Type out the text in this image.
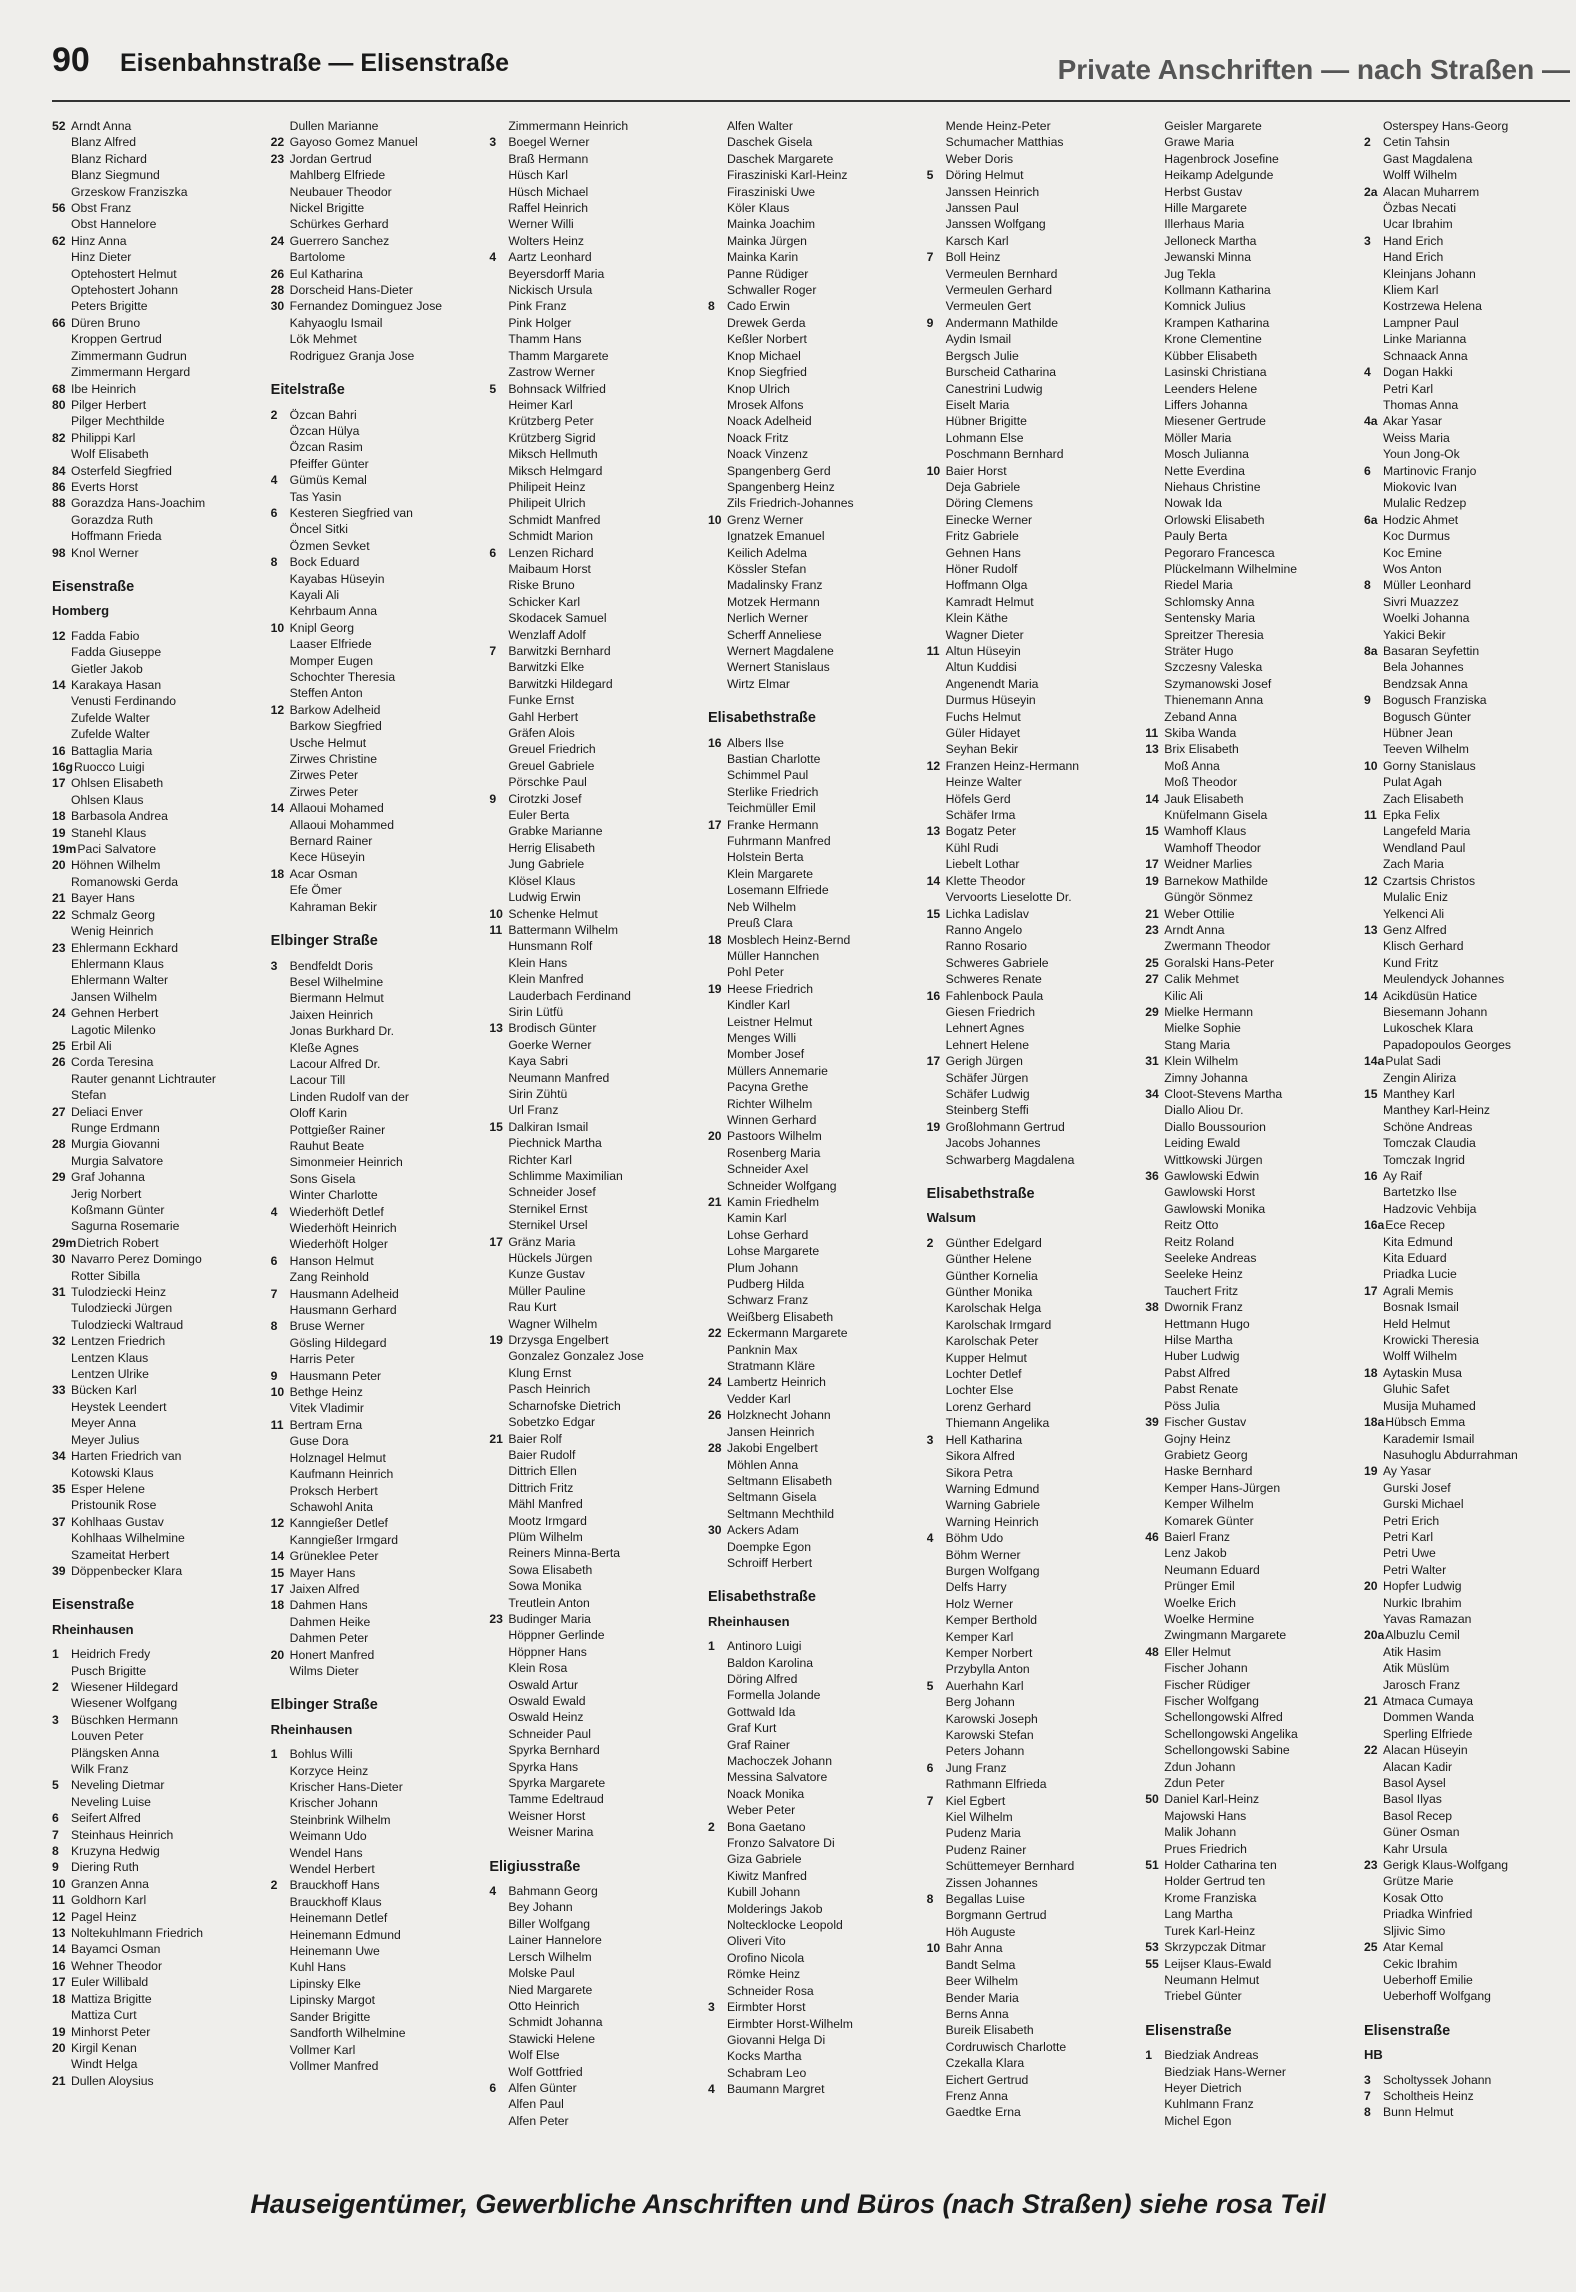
90 Eisenbahnstraße — Elisenstraße	Private Anschriften — nach Straßen —
52 Arndt Anna
Blanz Alfred
Blanz Richard
Blanz Siegmund
Grzeskow Franziszka
56 Obst Franz
Obst Hannelore
62 Hinz Anna
Hinz Dieter
Optehostert Helmut
Optehostert Johann
Peters Brigitte
66 Düren Bruno
Kroppen Gertrud
Zimmermann Gudrun
Zimmermann Hergard
68 Ibe Heinrich
80 Pilger Herbert
Pilger Mechthilde
82 Philippi Karl
Wolf Elisabeth
84 Osterfeld Siegfried
86 Everts Horst
88 Gorazdza Hans-Joachim
Gorazdza Ruth
Hoffmann Frieda
98 Knol Werner
Eisenstraße
Homberg
12 Fadda Fabio
Fadda Giuseppe
Gietler Jakob
14 Karakaya Hasan
Venusti Ferdinando
Zufelde Walter
Zufelde Walter
16 Battaglia Maria
16g Ruocco Luigi
17 Ohlsen Elisabeth
Ohlsen Klaus
18 Barbasola Andrea
19 Stanehl Klaus
19m Paci Salvatore
20 Höhnen Wilhelm
Romanowski Gerda
21 Bayer Hans
22 Schmalz Georg
Wenig Heinrich
23 Ehlermann Eckhard
Ehlermann Klaus
Ehlermann Walter
Jansen Wilhelm
24 Gehnen Herbert
Lagotic Milenko
25 Erbil Ali
26 Corda Teresina
Rauter genannt Lichtrauter
Stefan
27 Deliaci Enver
Runge Erdmann
28 Murgia Giovanni
Murgia Salvatore
29 Graf Johanna
Jerig Norbert
Koßmann Günter
Sagurna Rosemarie
29m Dietrich Robert
30 Navarro Perez Domingo
Rotter Sibilla
31 Tulodziecki Heinz
Tulodziecki Jürgen
Tulodziecki Waltraud
32 Lentzen Friedrich
Lentzen Klaus
Lentzen Ulrike
33 Bücken Karl
Heystek Leendert
Meyer Anna
Meyer Julius
34 Harten Friedrich van
Kotowski Klaus
35 Esper Helene
Pristounik Rose
37 Kohlhaas Gustav
Kohlhaas Wilhelmine
Szameitat Herbert
39 Döppenbecker Klara
Eisenstraße
Rheinhausen
1	Heidrich Fredy
Pusch Brigitte
2	Wiesener Hildegard
Wiesener Wolfgang
3	Büschken Hermann
Louven Peter
Plängsken Anna
Wilk Franz
5	Neveling Dietmar
Neveling Luise
6	Seifert Alfred
7	Steinhaus Heinrich
8	Kruzyna Hedwig
9	Diering Ruth
10 Granzen Anna
11 Goldhorn Karl
12 Pagel Heinz
13 Noltekuhlmann Friedrich
14 Bayamci Osman
16 Wehner Theodor
17 Euler Willibald
18 Mattiza Brigitte
Mattiza Curt
19 Minhorst Peter
20 Kirgil Kenan
Windt Helga
21 Dullen Aloysius
Dullen Marianne
22 Gayoso Gomez Manuel
23 Jordan Gertrud
Mahlberg Elfriede
Neubauer Theodor
Nickel Brigitte
Schürkes Gerhard
24 Guerrero Sanchez
Bartolome
26 Eul Katharina
28 Dorscheid Hans-Dieter
30 Fernandez Dominguez Jose
Kahyaoglu Ismail
Lök Mehmet
Rodriguez Granja Jose
Eitelstraße
2	Özcan Bahri
Özcan Hülya
Özcan Rasim
Pfeiffer Günter
4	Gümüs Kemal
Tas Yasin
6	Kesteren Siegfried van
Öncel Sitki
Özmen Sevket
8	Bock Eduard
Kayabas Hüseyin
Kayali Ali
Kehrbaum Anna
10 Knipl Georg
Laaser Elfriede
Momper Eugen
Schochter Theresia
Steffen Anton
12 Barkow Adelheid
Barkow Siegfried
Usche Helmut
Zirwes Christine
Zirwes Peter
Zirwes Peter
14 Allaoui Mohamed
Allaoui Mohammed
Bernard Rainer
Kece Hüseyin
18 Acar Osman
Efe Ömer
Kahraman Bekir
Elbinger Straße
3	Bendfeldt Doris
Besel Wilhelmine
Biermann Helmut
Jaixen Heinrich
Jonas Burkhard Dr.
Kleße Agnes
Lacour Alfred Dr.
Lacour Till
Linden Rudolf van der
Oloff Karin
Pottgießer Rainer
Rauhut Beate
Simonmeier Heinrich
Sons Gisela
Winter Charlotte
4	Wiederhöft Detlef
Wiederhöft Heinrich
Wiederhöft Holger
6	Hanson Helmut
Zang Reinhold
7	Hausmann Adelheid
Hausmann Gerhard
8	Bruse Werner
Gösling Hildegard
Harris Peter
9	Hausmann Peter
10 Bethge Heinz
Vitek Vladimir
11 Bertram Erna
Guse Dora
Holznagel Helmut
Kaufmann Heinrich
Proksch Herbert
Schawohl Anita
12 Kanngießer Detlef
Kanngießer Irmgard
14 Grüneklee Peter
15 Mayer Hans
17 Jaixen Alfred
18 Dahmen Hans
Dahmen Heike
Dahmen Peter
20 Honert Manfred
Wilms Dieter
Elbinger Straße
Rheinhausen
1	Bohlus Willi
Korzyce Heinz
Krischer Hans-Dieter
Krischer Johann
Steinbrink Wilhelm
Weimann Udo
Wendel Hans
Wendel Herbert
2	Brauckhoff Hans
Brauckhoff Klaus
Heinemann Detlef
Heinemann Edmund
Heinemann Uwe
Kuhl Hans
Lipinsky Elke
Lipinsky Margot
Sander Brigitte
Sandforth Wilhelmine
Vollmer Karl
Vollmer Manfred
Zimmermann Heinrich
3	Boegel Werner
Braß Hermann
Hüsch Karl
Hüsch Michael
Raffel Heinrich
Werner Willi
Wolters Heinz
4	Aartz Leonhard
Beyersdorff Maria
Nickisch Ursula
Pink Franz
Pink Holger
Thamm Hans
Thamm Margarete
Zastrow Werner
5	Bohnsack Wilfried
Heimer Karl
Krützberg Peter
Krützberg Sigrid
Miksch Hellmuth
Miksch Helmgard
Philipeit Heinz
Philipeit Ulrich
Schmidt Manfred
Schmidt Marion
6	Lenzen Richard
Maibaum Horst
Riske Bruno
Schicker Karl
Skodacek Samuel
Wenzlaff Adolf
7	Barwitzki Bernhard
Barwitzki Elke
Barwitzki Hildegard
Funke Ernst
Gahl Herbert
Gräfen Alois
Greuel Friedrich
Greuel Gabriele
Pörschke Paul
9	Cirotzki Josef
Euler Berta
Grabke Marianne
Herrig Elisabeth
Jung Gabriele
Klösel Klaus
Ludwig Erwin
10 Schenke Helmut
11 Battermann Wilhelm
Hunsmann Rolf
Klein Hans
Klein Manfred
Lauderbach Ferdinand
Sirin Lütfü
13 Brodisch Günter
Goerke Werner
Kaya Sabri
Neumann Manfred
Sirin Zühtü
Url Franz
15 Dalkiran Ismail
Piechnick Martha
Richter Karl
Schlimme Maximilian
Schneider Josef
Sternikel Ernst
Sternikel Ursel
17 Gränz Maria
Hückels Jürgen
Kunze Gustav
Müller Pauline
Rau Kurt
Wagner Wilhelm
19 Drzysga Engelbert
Gonzalez Gonzalez Jose
Klung Ernst
Pasch Heinrich
Scharnofske Dietrich
Sobetzko Edgar
21 Baier Rolf
Baier Rudolf
Dittrich Ellen
Dittrich Fritz
Mähl Manfred
Mootz Irmgard
Plüm Wilhelm
Reiners Minna-Berta
Sowa Elisabeth
Sowa Monika
Treutlein Anton
23 Budinger Maria
Höppner Gerlinde
Höppner Hans
Klein Rosa
Oswald Artur
Oswald Ewald
Oswald Heinz
Schneider Paul
Spyrka Bernhard
Spyrka Hans
Spyrka Margarete
Tamme Edeltraud
Weisner Horst
Weisner Marina
Eligiusstraße
4	Bahmann Georg
Bey Johann
Biller Wolfgang
Lainer Hannelore
Lersch Wilhelm
Molske Paul
Nied Margarete
Otto Heinrich
Schmidt Johanna
Stawicki Helene
Wolf Else
Wolf Gottfried
6	Alfen Günter
Alfen Paul
Alfen Peter
Alfen Walter
Daschek Gisela
Daschek Margarete
Firasziniski Karl-Heinz
Firasziniski Uwe
Köler Klaus
Mainka Joachim
Mainka Jürgen
Mainka Karin
Panne Rüdiger
Schwaller Roger
8	Cado Erwin
Drewek Gerda
Keßler Norbert
Knop Michael
Knop Siegfried
Knop Ulrich
Mrosek Alfons
Noack Adelheid
Noack Fritz
Noack Vinzenz
Spangenberg Gerd
Spangenberg Heinz
Zils Friedrich-Johannes
10 Grenz Werner
Ignatzek Emanuel
Keilich Adelma
Kössler Stefan
Madalinsky Franz
Motzek Hermann
Nerlich Werner
Scherff Anneliese
Wernert Magdalene
Wernert Stanislaus
Wirtz Elmar
Elisabethstraße
16 Albers Ilse
Bastian Charlotte
Schimmel Paul
Sterlike Friedrich
Teichmüller Emil
17 Franke Hermann
Fuhrmann Manfred
Holstein Berta
Klein Margarete
Losemann Elfriede
Neb Wilhelm
Preuß Clara
18 Mosblech Heinz-Bernd
Müller Hannchen
Pohl Peter
19 Heese Friedrich
Kindler Karl
Leistner Helmut
Menges Willi
Momber Josef
Müllers Annemarie
Pacyna Grethe
Richter Wilhelm
Winnen Gerhard
20 Pastoors Wilhelm
Rosenberg Maria
Schneider Axel
Schneider Wolfgang
21 Kamin Friedhelm
Kamin Karl
Lohse Gerhard
Lohse Margarete
Plum Johann
Pudberg Hilda
Schwarz Franz
Weißberg Elisabeth
22 Eckermann Margarete
Panknin Max
Stratmann Kläre
24 Lambertz Heinrich
Vedder Karl
26 Holzknecht Johann
Jansen Heinrich
28 Jakobi Engelbert
Möhlen Anna
Seltmann Elisabeth
Seltmann Gisela
Seltmann Mechthild
30 Ackers Adam
Doempke Egon
Schroiff Herbert
Elisabethstraße
Rheinhausen
1	Antinoro Luigi
Baldon Karolina
Döring Alfred
Formella Jolande
Gottwald Ida
Graf Kurt
Graf Rainer
Machoczek Johann
Messina Salvatore
Noack Monika
Weber Peter
2	Bona Gaetano
Fronzo Salvatore Di
Giza Gabriele
Kiwitz Manfred
Kubill Johann
Molderings Jakob
Noltecklocke Leopold
Oliveri Vito
Orofino Nicola
Römke Heinz
Schneider Rosa
3	Eirmbter Horst
Eirmbter Horst-Wilhelm
Giovanni Helga Di
Kocks Martha
Schabram Leo
4	Baumann Margret
Mende Heinz-Peter
Schumacher Matthias
Weber Doris
5	Döring Helmut
Janssen Heinrich
Janssen Paul
Janssen Wolfgang
Karsch Karl
7	Boll Heinz
Vermeulen Bernhard
Vermeulen Gerhard
Vermeulen Gert
9	Andermann Mathilde
Aydin Ismail
Bergsch Julie
Burscheid Catharina
Canestrini Ludwig
Eiselt Maria
Hübner Brigitte
Lohmann Else
Poschmann Bernhard
10 Baier Horst
Deja Gabriele
Döring Clemens
Einecke Werner
Fritz Gabriele
Gehnen Hans
Höner Rudolf
Hoffmann Olga
Kamradt Helmut
Klein Käthe
Wagner Dieter
11 Altun Hüseyin
Altun Kuddisi
Angenendt Maria
Durmus Hüseyin
Fuchs Helmut
Güler Hidayet
Seyhan Bekir
12 Franzen Heinz-Hermann
Heinze Walter
Höfels Gerd
Schäfer Irma
13 Bogatz Peter
Kühl Rudi
Liebelt Lothar
14 Klette Theodor
Vervoorts Lieselotte Dr.
15 Lichka Ladislav
Ranno Angelo
Ranno Rosario
Schweres Gabriele
Schweres Renate
16 Fahlenbock Paula
Giesen Friedrich
Lehnert Agnes
Lehnert Helene
17 Gerigh Jürgen
Schäfer Jürgen
Schäfer Ludwig
Steinberg Steffi
19 Großlohmann Gertrud
Jacobs Johannes
Schwarberg Magdalena
Elisabethstraße
Walsum
2	Günther Edelgard
Günther Helene
Günther Kornelia
Günther Monika
Karolschak Helga
Karolschak Irmgard
Karolschak Peter
Kupper Helmut
Lochter Detlef
Lochter Else
Lorenz Gerhard
Thiemann Angelika
3	Hell Katharina
Sikora Alfred
Sikora Petra
Warning Edmund
Warning Gabriele
Warning Heinrich
4	Böhm Udo
Böhm Werner
Burgen Wolfgang
Delfs Harry
Holz Werner
Kemper Berthold
Kemper Karl
Kemper Norbert
Przybylla Anton
5	Auerhahn Karl
Berg Johann
Karowski Joseph
Karowski Stefan
Peters Johann
6	Jung Franz
Rathmann Elfrieda
7	Kiel Egbert
Kiel Wilhelm
Pudenz Maria
Pudenz Rainer
Schüttemeyer Bernhard
Zissen Johannes
8	Begallas Luise
Borgmann Gertrud
Höh Auguste
10 Bahr Anna
Bandt Selma
Beer Wilhelm
Bender Maria
Berns Anna
Bureik Elisabeth
Cordruwisch Charlotte
Czekalla Klara
Eichert Gertrud
Frenz Anna
Gaedtke Erna
Geisler Margarete
Grawe Maria
Hagenbrock Josefine
Heikamp Adelgunde
Herbst Gustav
Hille Margarete
Illerhaus Maria
Jelloneck Martha
Jewanski Minna
Jug Tekla
Kollmann Katharina
Komnick Julius
Krampen Katharina
Krone Clementine
Kübber Elisabeth
Lasinski Christiana
Leenders Helene
Liffers Johanna
Miesener Gertrude
Möller Maria
Mosch Julianna
Nette Everdina
Niehaus Christine
Nowak Ida
Orlowski Elisabeth
Pauly Berta
Pegoraro Francesca
Plückelmann Wilhelmine
Riedel Maria
Schlomsky Anna
Sentensky Maria
Spreitzer Theresia
Sträter Hugo
Szczesny Valeska
Szymanowski Josef
Thienemann Anna
Zeband Anna
11 Skiba Wanda
13 Brix Elisabeth
Moß Anna
Moß Theodor
14 Jauk Elisabeth
Knüfelmann Gisela
15 Wamhoff Klaus
Wamhoff Theodor
17 Weidner Marlies
19 Barnekow Mathilde
Güngör Sönmez
21 Weber Ottilie
23 Arndt Anna
Zwermann Theodor
25 Goralski Hans-Peter
27 Calik Mehmet
Kilic Ali
29 Mielke Hermann
Mielke Sophie
Stang Maria
31 Klein Wilhelm
Zimny Johanna
34 Cloot-Stevens Martha
Diallo Aliou Dr.
Diallo Boussourion
Leiding Ewald
Wittkowski Jürgen
36 Gawlowski Edwin
Gawlowski Horst
Gawlowski Monika
Reitz Otto
Reitz Roland
Seeleke Andreas
Seeleke Heinz
Tauchert Fritz
38 Dwornik Franz
Hettmann Hugo
Hilse Martha
Huber Ludwig
Pabst Alfred
Pabst Renate
Pöss Julia
39 Fischer Gustav
Gojny Heinz
Grabietz Georg
Haske Bernhard
Kemper Hans-Jürgen
Kemper Wilhelm
Komarek Günter
46 Baierl Franz
Lenz Jakob
Neumann Eduard
Prünger Emil
Woelke Erich
Woelke Hermine
Zwingmann Margarete
48 Eller Helmut
Fischer Johann
Fischer Rüdiger
Fischer Wolfgang
Schellongowski Alfred
Schellongowski Angelika
Schellongowski Sabine
Zdun Johann
Zdun Peter
50 Daniel Karl-Heinz
Majowski Hans
Malik Johann
Prues Friedrich
51 Holder Catharina ten
Holder Gertrud ten
Krome Franziska
Lang Martha
Turek Karl-Heinz
53 Skrzypczak Ditmar
55 Leijser Klaus-Ewald
Neumann Helmut
Triebel Günter
Elisenstraße
1	Biedziak Andreas
Biedziak Hans-Werner
Heyer Dietrich
Kuhlmann Franz
Michel Egon
Osterspey Hans-Georg
2	Cetin Tahsin
Gast Magdalena
Wolff Wilhelm
2a Alacan Muharrem
Özbas Necati
Ucar Ibrahim
3	Hand Erich
Hand Erich
Kleinjans Johann
Kliem Karl
Kostrzewa Helena
Lampner Paul
Linke Marianna
Schnaack Anna
4	Dogan Hakki
Petri Karl
Thomas Anna
4a Akar Yasar
Weiss Maria
Youn Jong-Ok
6	Martinovic Franjo
Miokovic Ivan
Mulalic Redzep
6a Hodzic Ahmet
Koc Durmus
Koc Emine
Wos Anton
8	Müller Leonhard
Sivri Muazzez
Woelki Johanna
Yakici Bekir
8a Basaran Seyfettin
Bela Johannes
Bendzsak Anna
9	Bogusch Franziska
Bogusch Günter
Hübner Jean
Teeven Wilhelm
10 Gorny Stanislaus
Pulat Agah
Zach Elisabeth
11 Epka Felix
Langefeld Maria
Wendland Paul
Zach Maria
12 Czartsis Christos
Mulalic Eniz
Yelkenci Ali
13 Genz Alfred
Klisch Gerhard
Kund Fritz
Meulendyck Johannes
14 Acikdüsün Hatice
Biesemann Johann
Lukoschek Klara
Papadopoulos Georges
14a Pulat Sadi
Zengin Aliriza
15 Manthey Karl
Manthey Karl-Heinz
Schöne Andreas
Tomczak Claudia
Tomczak Ingrid
16 Ay Raif
Bartetzko Ilse
Hadzovic Vehbija
16a Ece Recep
Kita Edmund
Kita Eduard
Priadka Lucie
17 Agrali Memis
Bosnak Ismail
Held Helmut
Krowicki Theresia
Wolff Wilhelm
18 Aytaskin Musa
Gluhic Safet
Musija Muhamed
18a Hübsch Emma
Karademir Ismail
Nasuhoglu Abdurrahman
19 Ay Yasar
Gurski Josef
Gurski Michael
Petri Erich
Petri Karl
Petri Uwe
Petri Walter
20 Hopfer Ludwig
Nurkic Ibrahim
Yavas Ramazan
20a Albuzlu Cemil
Atik Hasim
Atik Müslüm
Jarosch Franz
21 Atmaca Cumaya
Dommen Wanda
Sperling Elfriede
22 Alacan Hüseyin
Alacan Kadir
Basol Aysel
Basol Ilyas
Basol Recep
Güner Osman
Kahr Ursula
23 Gerigk Klaus-Wolfgang
Grütze Marie
Kosak Otto
Priadka Winfried
Sljivic Simo
25 Atar Kemal
Cekic Ibrahim
Ueberhoff Emilie
Ueberhoff Wolfgang
Elisenstraße
HB
3	Scholtyssek Johann
7	Scholtheis Heinz
8	Bunn Helmut
Hauseigentümer, Gewerbliche Anschriften und Büros (nach Straßen) siehe rosa Teil
